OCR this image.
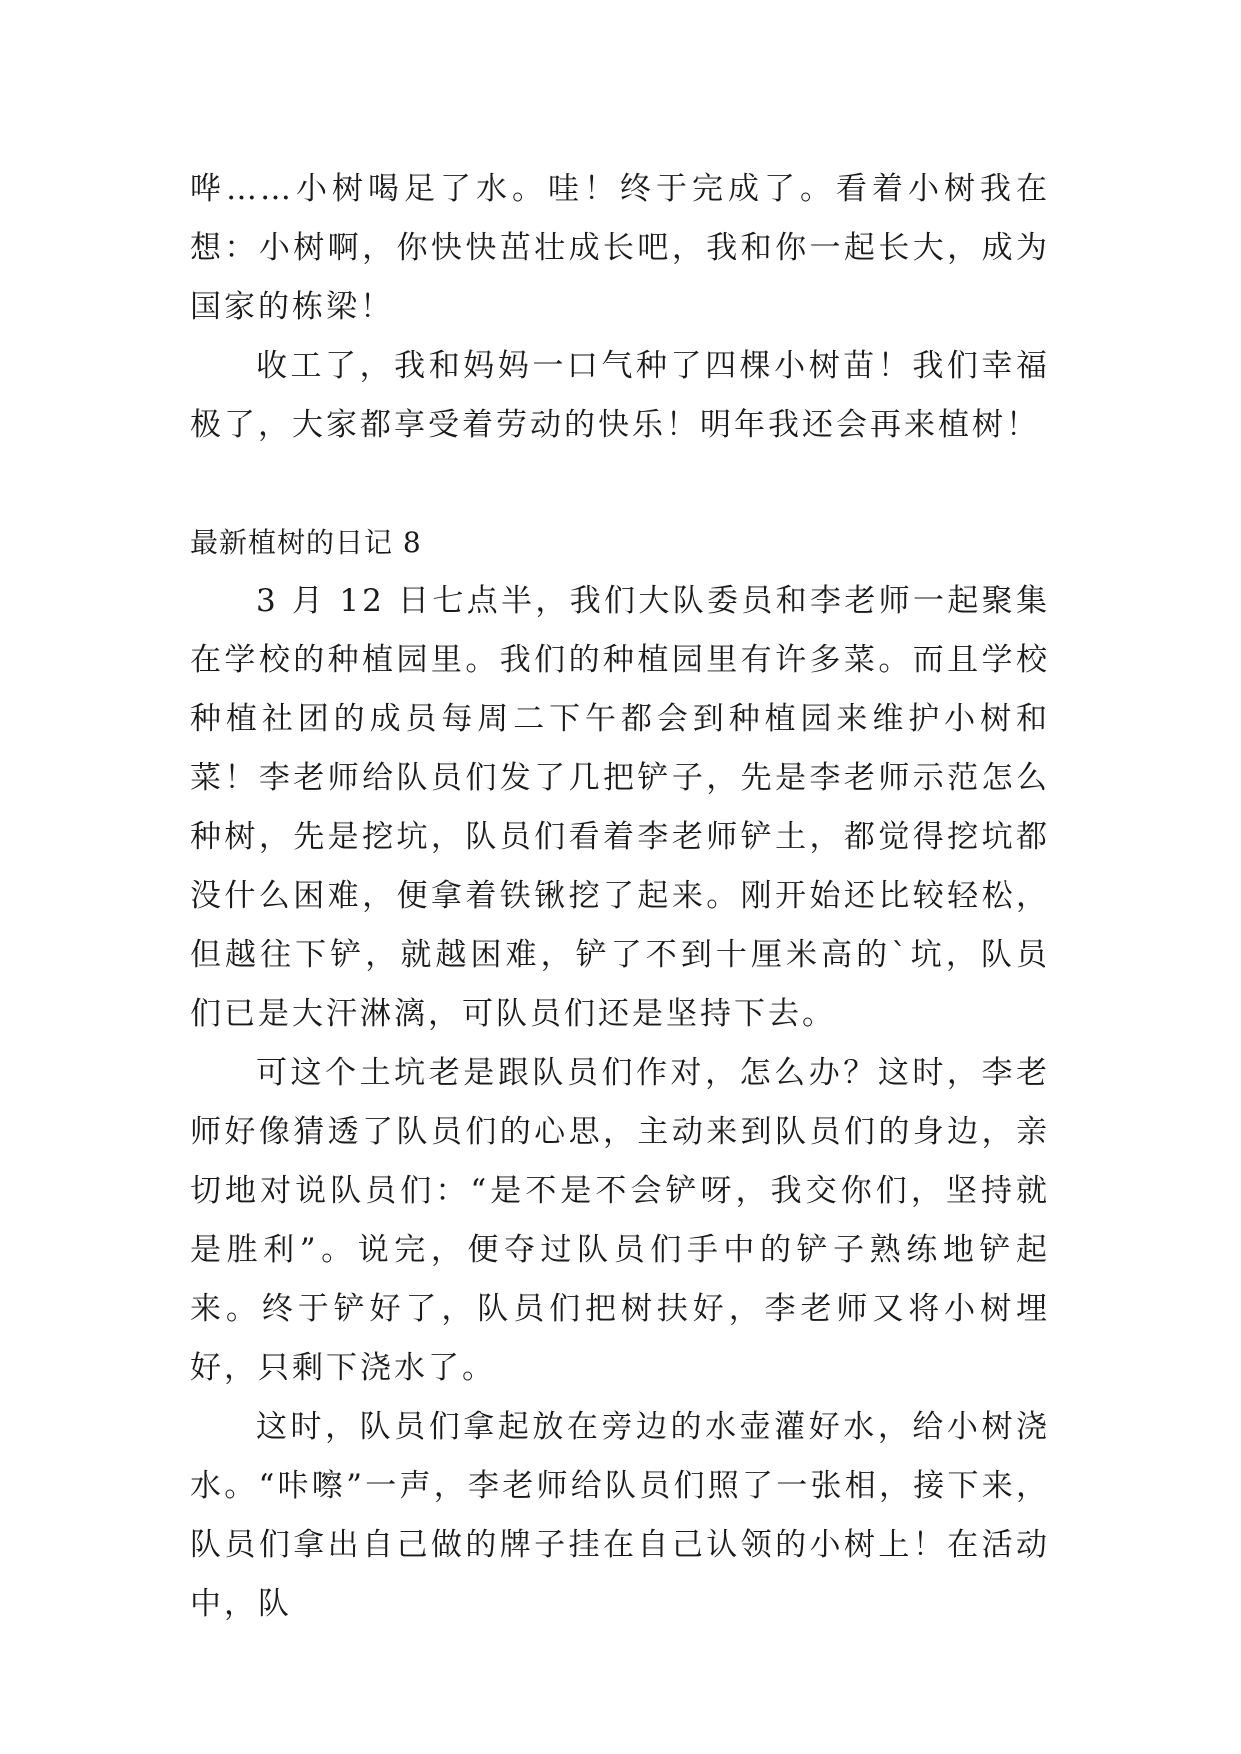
哗……小树喝足了水。哇！终于完成了。看着小树我在想：小树啊，你快快茁壮成长吧，我和你一起长大，成为国家的栋梁！

收工了，我和妈妈一口气种了四棵小树苗！我们幸福极了，大家都享受着劳动的快乐！明年我还会再来植树！

最新植树的日记 8

3 月 12 日七点半，我们大队委员和李老师一起聚集在学校的种植园里。我们的种植园里有许多菜。而且学校种植社团的成员每周二下午都会到种植园来维护小树和菜！李老师给队员们发了几把铲子，先是李老师示范怎么种树，先是挖坑，队员们看着李老师铲土，都觉得挖坑都没什么困难，便拿着铁锹挖了起来。刚开始还比较轻松，但越往下铲，就越困难，铲了不到十厘米高的`坑，队员们已是大汗淋漓，可队员们还是坚持下去。

可这个土坑老是跟队员们作对，怎么办？这时，李老师好像猜透了队员们的心思，主动来到队员们的身边，亲切地对说队员们：“是不是不会铲呀，我交你们，坚持就是胜利”。说完，便夺过队员们手中的铲子熟练地铲起来。终于铲好了，队员们把树扶好，李老师又将小树埋好，只剩下浇水了。

这时，队员们拿起放在旁边的水壶灌好水，给小树浇水。“咔嚓”一声，李老师给队员们照了一张相，接下来，队员们拿出自己做的牌子挂在自己认领的小树上！在活动中，队
